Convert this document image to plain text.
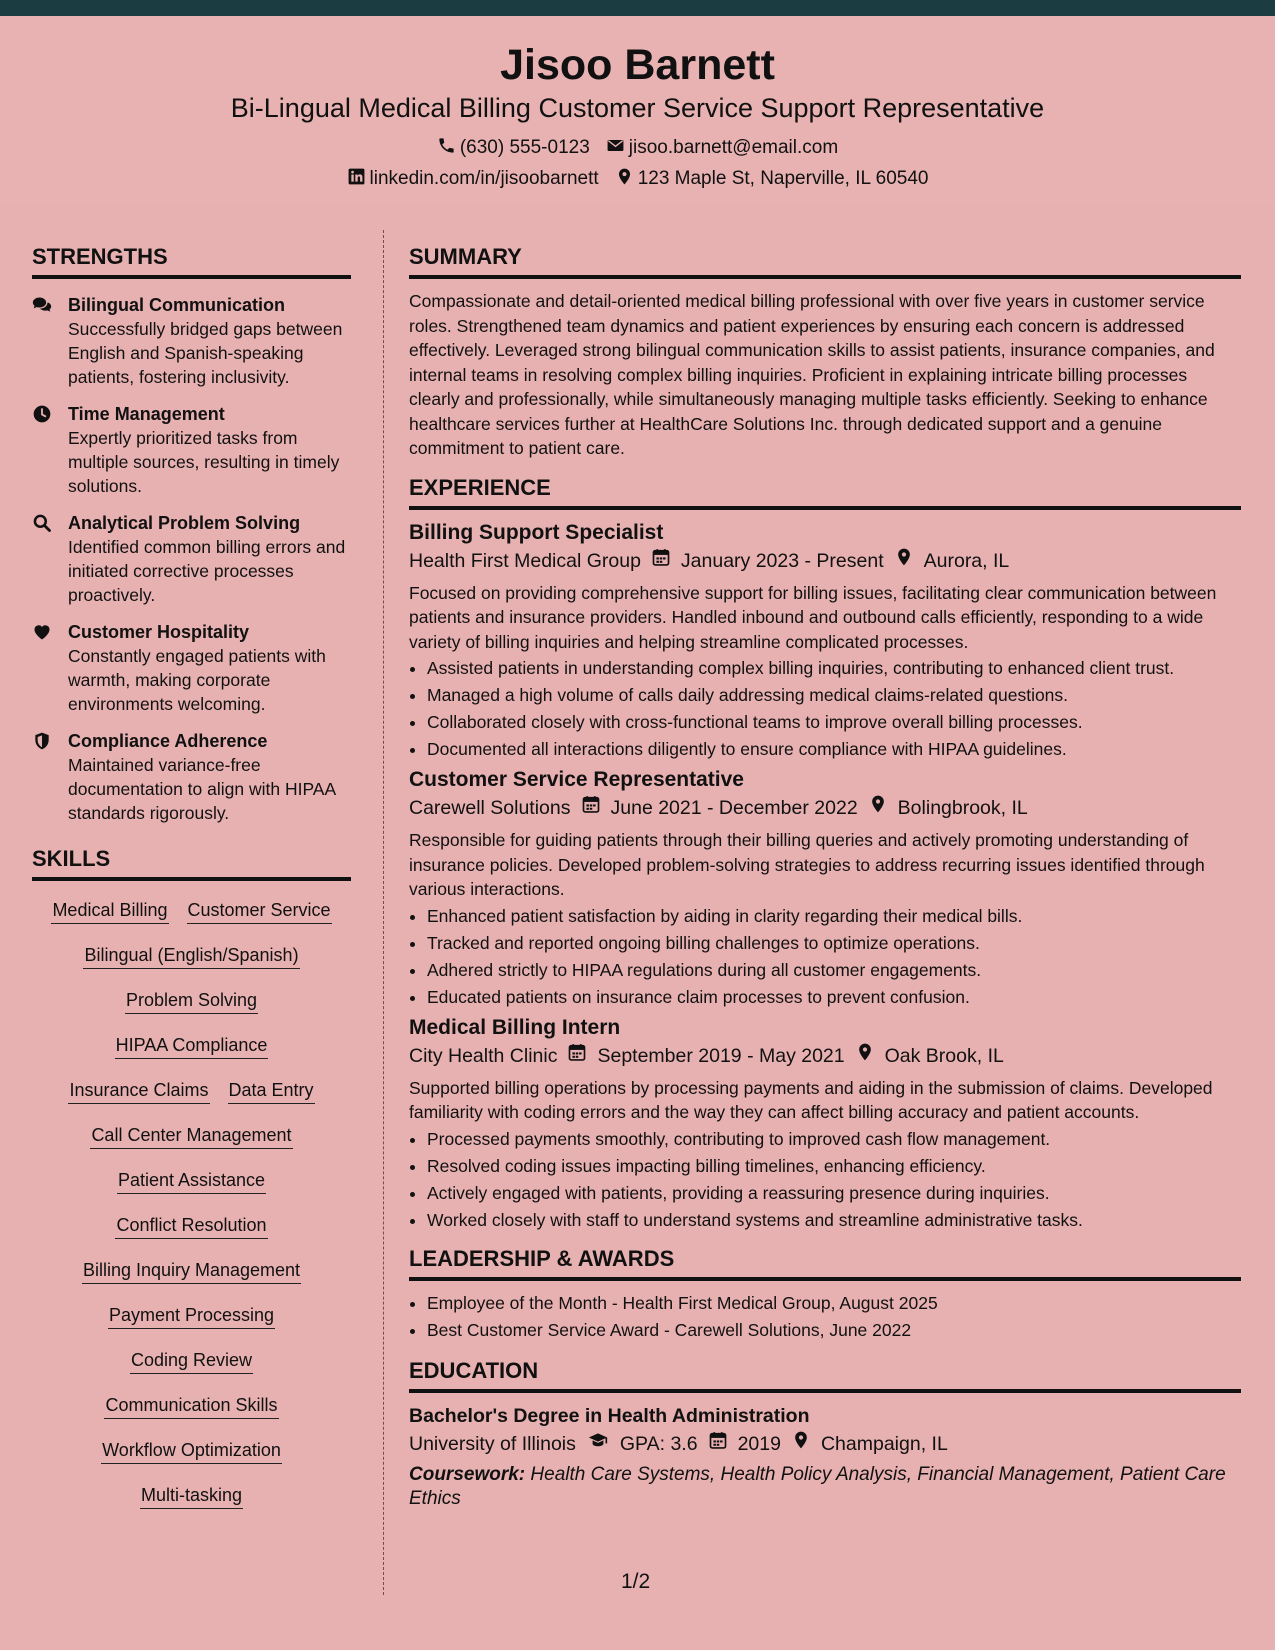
Jisoo Barnett
Bi-Lingual Medical Billing Customer Service Support Representative
(630) 555-0123 jisoo.barnett@email.com
linkedin.com/in/jisoobarnett 123 Maple St, Naperville, IL 60540
STRENGTHS
Bilingual Communication
Successfully bridged gaps between English and Spanish-speaking patients, fostering inclusivity.
Time Management
Expertly prioritized tasks from multiple sources, resulting in timely solutions.
Analytical Problem Solving
Identified common billing errors and initiated corrective processes proactively.
Customer Hospitality
Constantly engaged patients with warmth, making corporate environments welcoming.
Compliance Adherence
Maintained variance-free documentation to align with HIPAA standards rigorously.
SKILLS
Medical Billing Customer Service
Bilingual (English/Spanish)
Problem Solving
HIPAA Compliance
Insurance Claims Data Entry
Call Center Management
Patient Assistance
Conflict Resolution
Billing Inquiry Management
Payment Processing
Coding Review
Communication Skills
Workflow Optimization
Multi-tasking
SUMMARY
Compassionate and detail-oriented medical billing professional with over five years in customer service roles. Strengthened team dynamics and patient experiences by ensuring each concern is addressed effectively. Leveraged strong bilingual communication skills to assist patients, insurance companies, and internal teams in resolving complex billing inquiries. Proficient in explaining intricate billing processes clearly and professionally, while simultaneously managing multiple tasks efficiently. Seeking to enhance healthcare services further at HealthCare Solutions Inc. through dedicated support and a genuine commitment to patient care.
EXPERIENCE
Billing Support Specialist
Health First Medical Group January 2023 - Present Aurora, IL
Focused on providing comprehensive support for billing issues, facilitating clear communication between patients and insurance providers. Handled inbound and outbound calls efficiently, responding to a wide variety of billing inquiries and helping streamline complicated processes.
• Assisted patients in understanding complex billing inquiries, contributing to enhanced client trust.
• Managed a high volume of calls daily addressing medical claims-related questions.
• Collaborated closely with cross-functional teams to improve overall billing processes.
• Documented all interactions diligently to ensure compliance with HIPAA guidelines.
Customer Service Representative
Carewell Solutions June 2021 - December 2022 Bolingbrook, IL
Responsible for guiding patients through their billing queries and actively promoting understanding of insurance policies. Developed problem-solving strategies to address recurring issues identified through various interactions.
• Enhanced patient satisfaction by aiding in clarity regarding their medical bills.
• Tracked and reported ongoing billing challenges to optimize operations.
• Adhered strictly to HIPAA regulations during all customer engagements.
• Educated patients on insurance claim processes to prevent confusion.
Medical Billing Intern
City Health Clinic September 2019 - May 2021 Oak Brook, IL
Supported billing operations by processing payments and aiding in the submission of claims. Developed familiarity with coding errors and the way they can affect billing accuracy and patient accounts.
• Processed payments smoothly, contributing to improved cash flow management.
• Resolved coding issues impacting billing timelines, enhancing efficiency.
• Actively engaged with patients, providing a reassuring presence during inquiries.
• Worked closely with staff to understand systems and streamline administrative tasks.
LEADERSHIP & AWARDS
• Employee of the Month - Health First Medical Group, August 2025
• Best Customer Service Award - Carewell Solutions, June 2022
EDUCATION
Bachelor's Degree in Health Administration
University of Illinois GPA: 3.6 2019 Champaign, IL
Coursework: Health Care Systems, Health Policy Analysis, Financial Management, Patient Care Ethics
1/2
